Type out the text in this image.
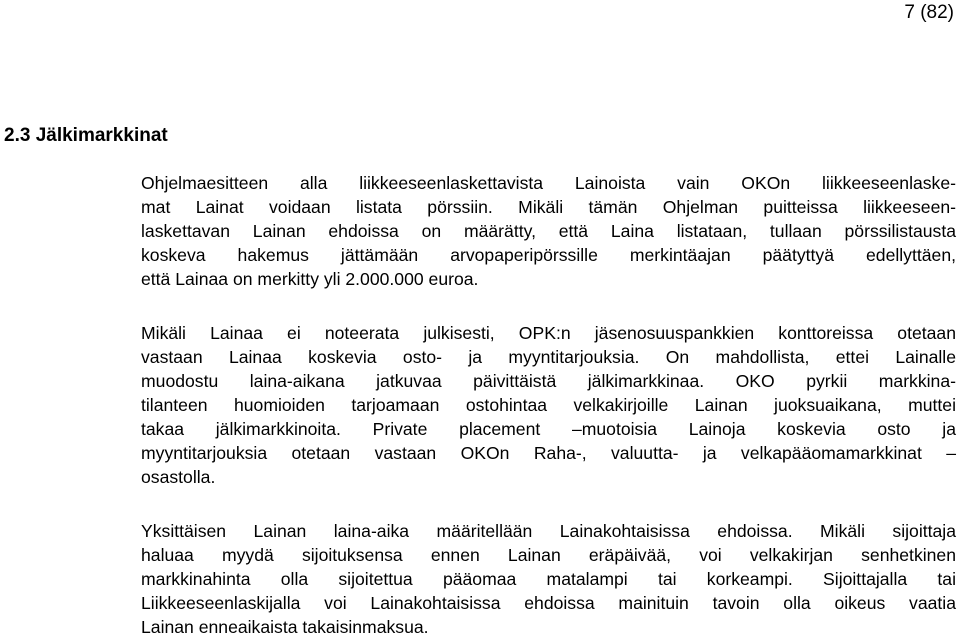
7 (82)
2.3 Jälkimarkkinat
Ohjelmaesitteen alla liikkeeseenlaskettavista Lainoista vain OKOn liikkeeseenlaske-
mat Lainat voidaan listata pörssiin. Mikäli tämän Ohjelman puitteissa liikkeeseen-
laskettavan Lainan ehdoissa on määrätty, että Laina listataan, tullaan pörssilistausta
koskeva hakemus jättämään arvopaperipörssille merkintäajan päätyttyä edellyttäen,
että Lainaa on merkitty yli 2.000.000 euroa.
Mikäli Lainaa ei noteerata julkisesti, OPK:n jäsenosuuspankkien konttoreissa otetaan
vastaan Lainaa koskevia osto- ja myyntitarjouksia. On mahdollista, ettei Lainalle
muodostu laina-aikana jatkuvaa päivittäistä jälkimarkkinaa. OKO pyrkii markkina-
tilanteen huomioiden tarjoamaan ostohintaa velkakirjoille Lainan juoksuaikana, muttei
takaa jälkimarkkinoita. Private placement –muotoisia Lainoja koskevia osto ja
myyntitarjouksia otetaan vastaan OKOn Raha-, valuutta- ja velkapääomamarkkinat –
osastolla.
Yksittäisen Lainan laina-aika määritellään Lainakohtaisissa ehdoissa. Mikäli sijoittaja
haluaa myydä sijoituksensa ennen Lainan eräpäivää, voi velkakirjan senhetkinen
markkinahinta olla sijoitettua pääomaa matalampi tai korkeampi. Sijoittajalla tai
Liikkeeseenlaskijalla voi Lainakohtaisissa ehdoissa mainituin tavoin olla oikeus vaatia
Lainan enneaikaista takaisinmaksua.
